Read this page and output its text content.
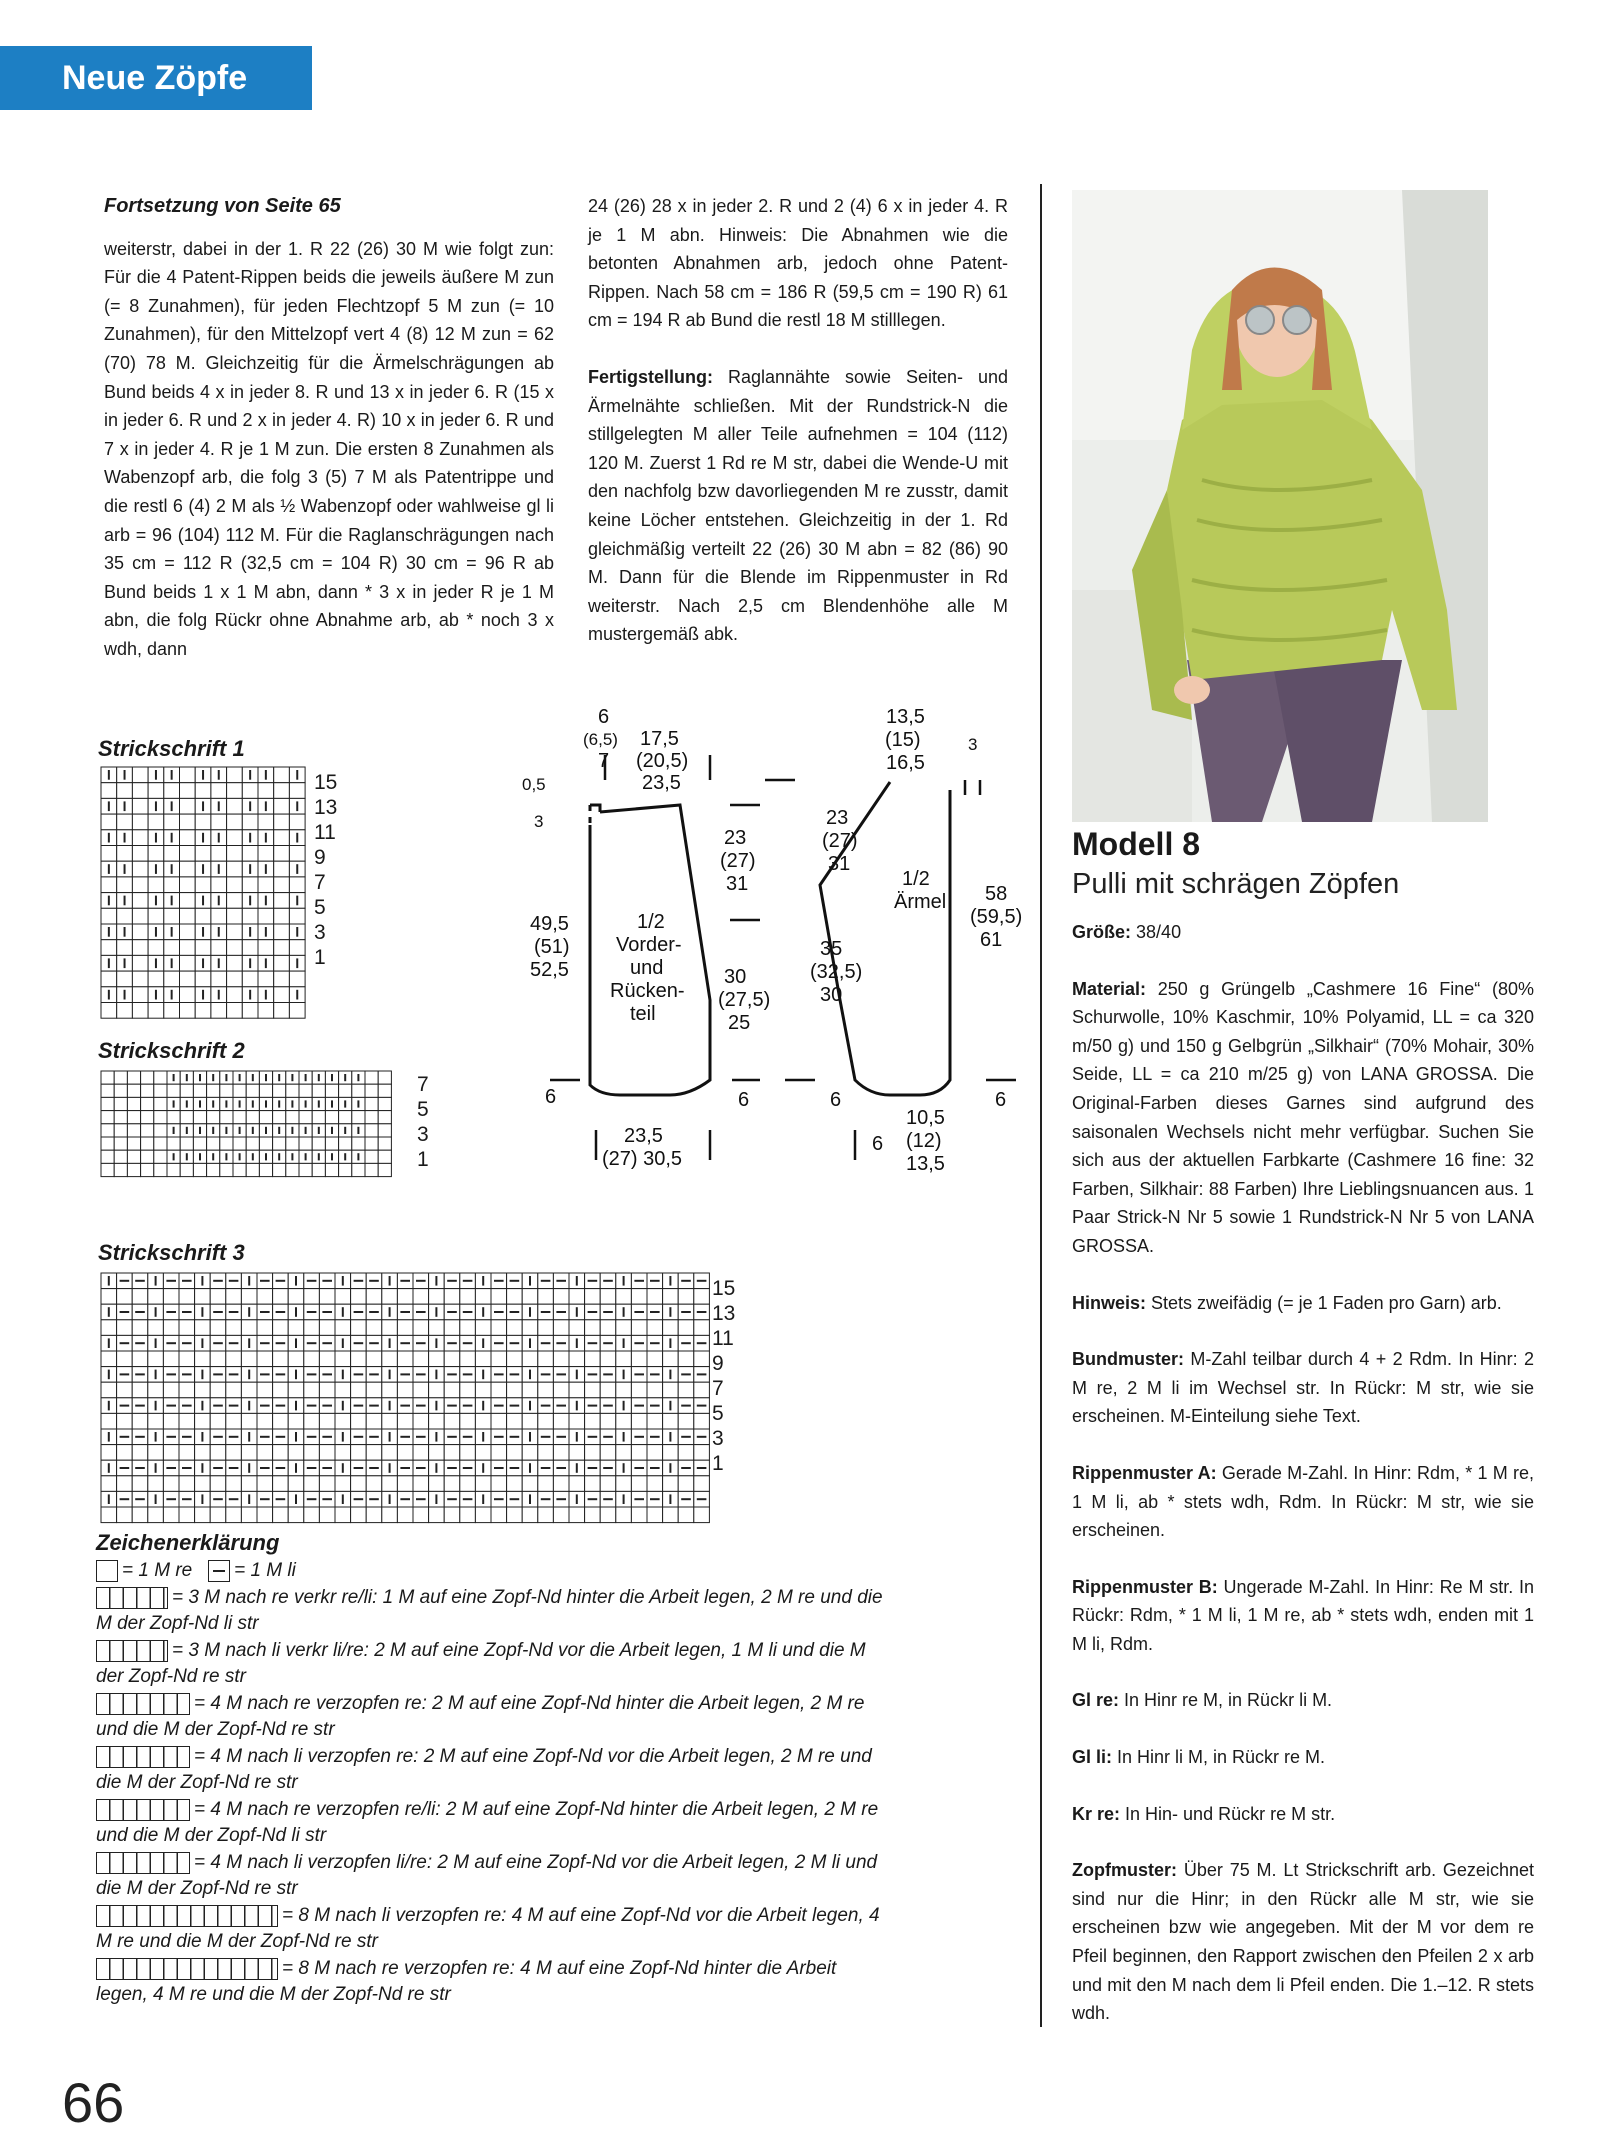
Neue Zöpfe
Fortsetzung von Seite 65

weiterstr, dabei in der 1. R 22 (26) 30 M wie folgt zun: Für die 4 Patent-Rippen beids die jeweils äußere M zun (= 8 Zunahmen), für jeden Flechtzopf 5 M zun (= 10 Zunahmen), für den Mittelzopf vert 4 (8) 12 M zun = 62 (70) 78 M. Gleichzeitig für die Ärmelschrägungen ab Bund beids 4 x in jeder 8. R und 13 x in jeder 6. R (15 x in jeder 6. R und 2 x in jeder 4. R) 10 x in jeder 6. R und 7 x in jeder 4. R je 1 M zun. Die ersten 8 Zunahmen als Wabenzopf arb, die folg 3 (5) 7 M als Patentrippe und die restl 6 (4) 2 M als ½ Wabenzopf oder wahlweise gl li arb = 96 (104) 112 M. Für die Raglanschrägungen nach 35 cm = 112 R (32,5 cm = 104 R) 30 cm = 96 R ab Bund beids 1 x 1 M abn, dann * 3 x in jeder R je 1 M abn, die folg Rückr ohne Abnahme arb, ab * noch 3 x wdh, dann

24 (26) 28 x in jeder 2. R und 2 (4) 6 x in jeder 4. R je 1 M abn. Hinweis: Die Abnahmen wie die betonten Abnahmen arb, jedoch ohne Patent-Rippen. Nach 58 cm = 186 R (59,5 cm = 190 R) 61 cm = 194 R ab Bund die restl 18 M stilllegen.

Fertigstellung: Raglannähte sowie Seiten- und Ärmelnähte schließen. Mit der Rundstrick-N die stillgelegten M aller Teile aufnehmen = 104 (112) 120 M. Zuerst 1 Rd re M str, dabei die Wende-U mit den nachfolg bzw davorliegenden M re zusstr, damit keine Löcher entstehen. Gleichzeitig in der 1. Rd gleichmäßig verteilt 22 (26) 30 M abn = 82 (86) 90 M. Dann für die Blende im Rippenmuster in Rd weiterstr. Nach 2,5 cm Blendenhöhe alle M mustergemäß abk.

Modell 8
Pulli mit schrägen Zöpfen

Größe: 38/40

Material: 250 g Grüngelb „Cashmere 16 Fine“ (80% Schurwolle, 10% Kaschmir, 10% Polyamid, LL = ca 320 m/50 g) und 150 g Gelbgrün „Silkhair“ (70% Mohair, 30% Seide, LL = ca 210 m/25 g) von LANA GROSSA. Die Original-Farben dieses Garnes sind aufgrund des saisonalen Wechsels nicht mehr verfügbar. Suchen Sie sich aus der aktuellen Farbkarte (Cashmere 16 fine: 32 Farben, Silkhair: 88 Farben) Ihre Lieblingsnuancen aus. 1 Paar Strick-N Nr 5 sowie 1 Rundstrick-N Nr 5 von LANA GROSSA.

Hinweis: Stets zweifädig (= je 1 Faden pro Garn) arb.

Bundmuster: M-Zahl teilbar durch 4 + 2 Rdm. In Hinr: 2 M re, 2 M li im Wechsel str. In Rückr: M str, wie sie erscheinen. M-Einteilung siehe Text.

Rippenmuster A: Gerade M-Zahl. In Hinr: Rdm, * 1 M re, 1 M li, ab * stets wdh, Rdm. In Rückr: M str, wie sie erscheinen.

Rippenmuster B: Ungerade M-Zahl. In Hinr: Re M str. In Rückr: Rdm, * 1 M li, 1 M re, ab * stets wdh, enden mit 1 M li, Rdm.

Gl re: In Hinr re M, in Rückr li M.

Gl li: In Hinr li M, in Rückr re M.

Kr re: In Hin- und Rückr re M str.

Zopfmuster: Über 75 M. Lt Strickschrift arb. Gezeichnet sind nur die Hinr; in den Rückr alle M str, wie sie erscheinen bzw wie angegeben. Mit der M vor dem re Pfeil beginnen, den Rapport zwischen den Pfeilen 2 x arb und mit den M nach dem li Pfeil enden. Die 1.–12. R stets wdh.

Strickschrift 1
15
13
11
9
7
5
3
1
Strickschrift 2
7
5
3
1
Strickschrift 3
15
13
11
9
7
5
3
1
6
(6,5)
7
17,5
(20,5)
23,5
0,5
3
49,5
(51)
52,5
1/2
Vorder-
und
Rücken-
teil
23
(27)
31
30
(27,5)
25
6	6
23,5
(27) 30,5
13,5
(15)
16,5
3
23
(27)
31
1/2
Ärmel
35
(32,5)
30
58
(59,5)
61
6	6
6
10,5
(12)
13,5
Zeichenerklärung
= 1 M re = 1 M li
= 3 M nach re verkr re/li: 1 M auf eine Zopf-Nd hinter die Arbeit legen, 2 M re und die M der Zopf-Nd li str
= 3 M nach li verkr li/re: 2 M auf eine Zopf-Nd vor die Arbeit legen, 1 M li und die M der Zopf-Nd re str
= 4 M nach re verzopfen re: 2 M auf eine Zopf-Nd hinter die Arbeit legen, 2 M re und die M der Zopf-Nd re str
= 4 M nach li verzopfen re: 2 M auf eine Zopf-Nd vor die Arbeit legen, 2 M re und die M der Zopf-Nd re str
= 4 M nach re verzopfen re/li: 2 M auf eine Zopf-Nd hinter die Arbeit legen, 2 M re und die M der Zopf-Nd li str
= 4 M nach li verzopfen li/re: 2 M auf eine Zopf-Nd vor die Arbeit legen, 2 M li und die M der Zopf-Nd re str
= 8 M nach li verzopfen re: 4 M auf eine Zopf-Nd vor die Arbeit legen, 4 M re und die M der Zopf-Nd re str
= 8 M nach re verzopfen re: 4 M auf eine Zopf-Nd hinter die Arbeit legen, 4 M re und die M der Zopf-Nd re str
66
